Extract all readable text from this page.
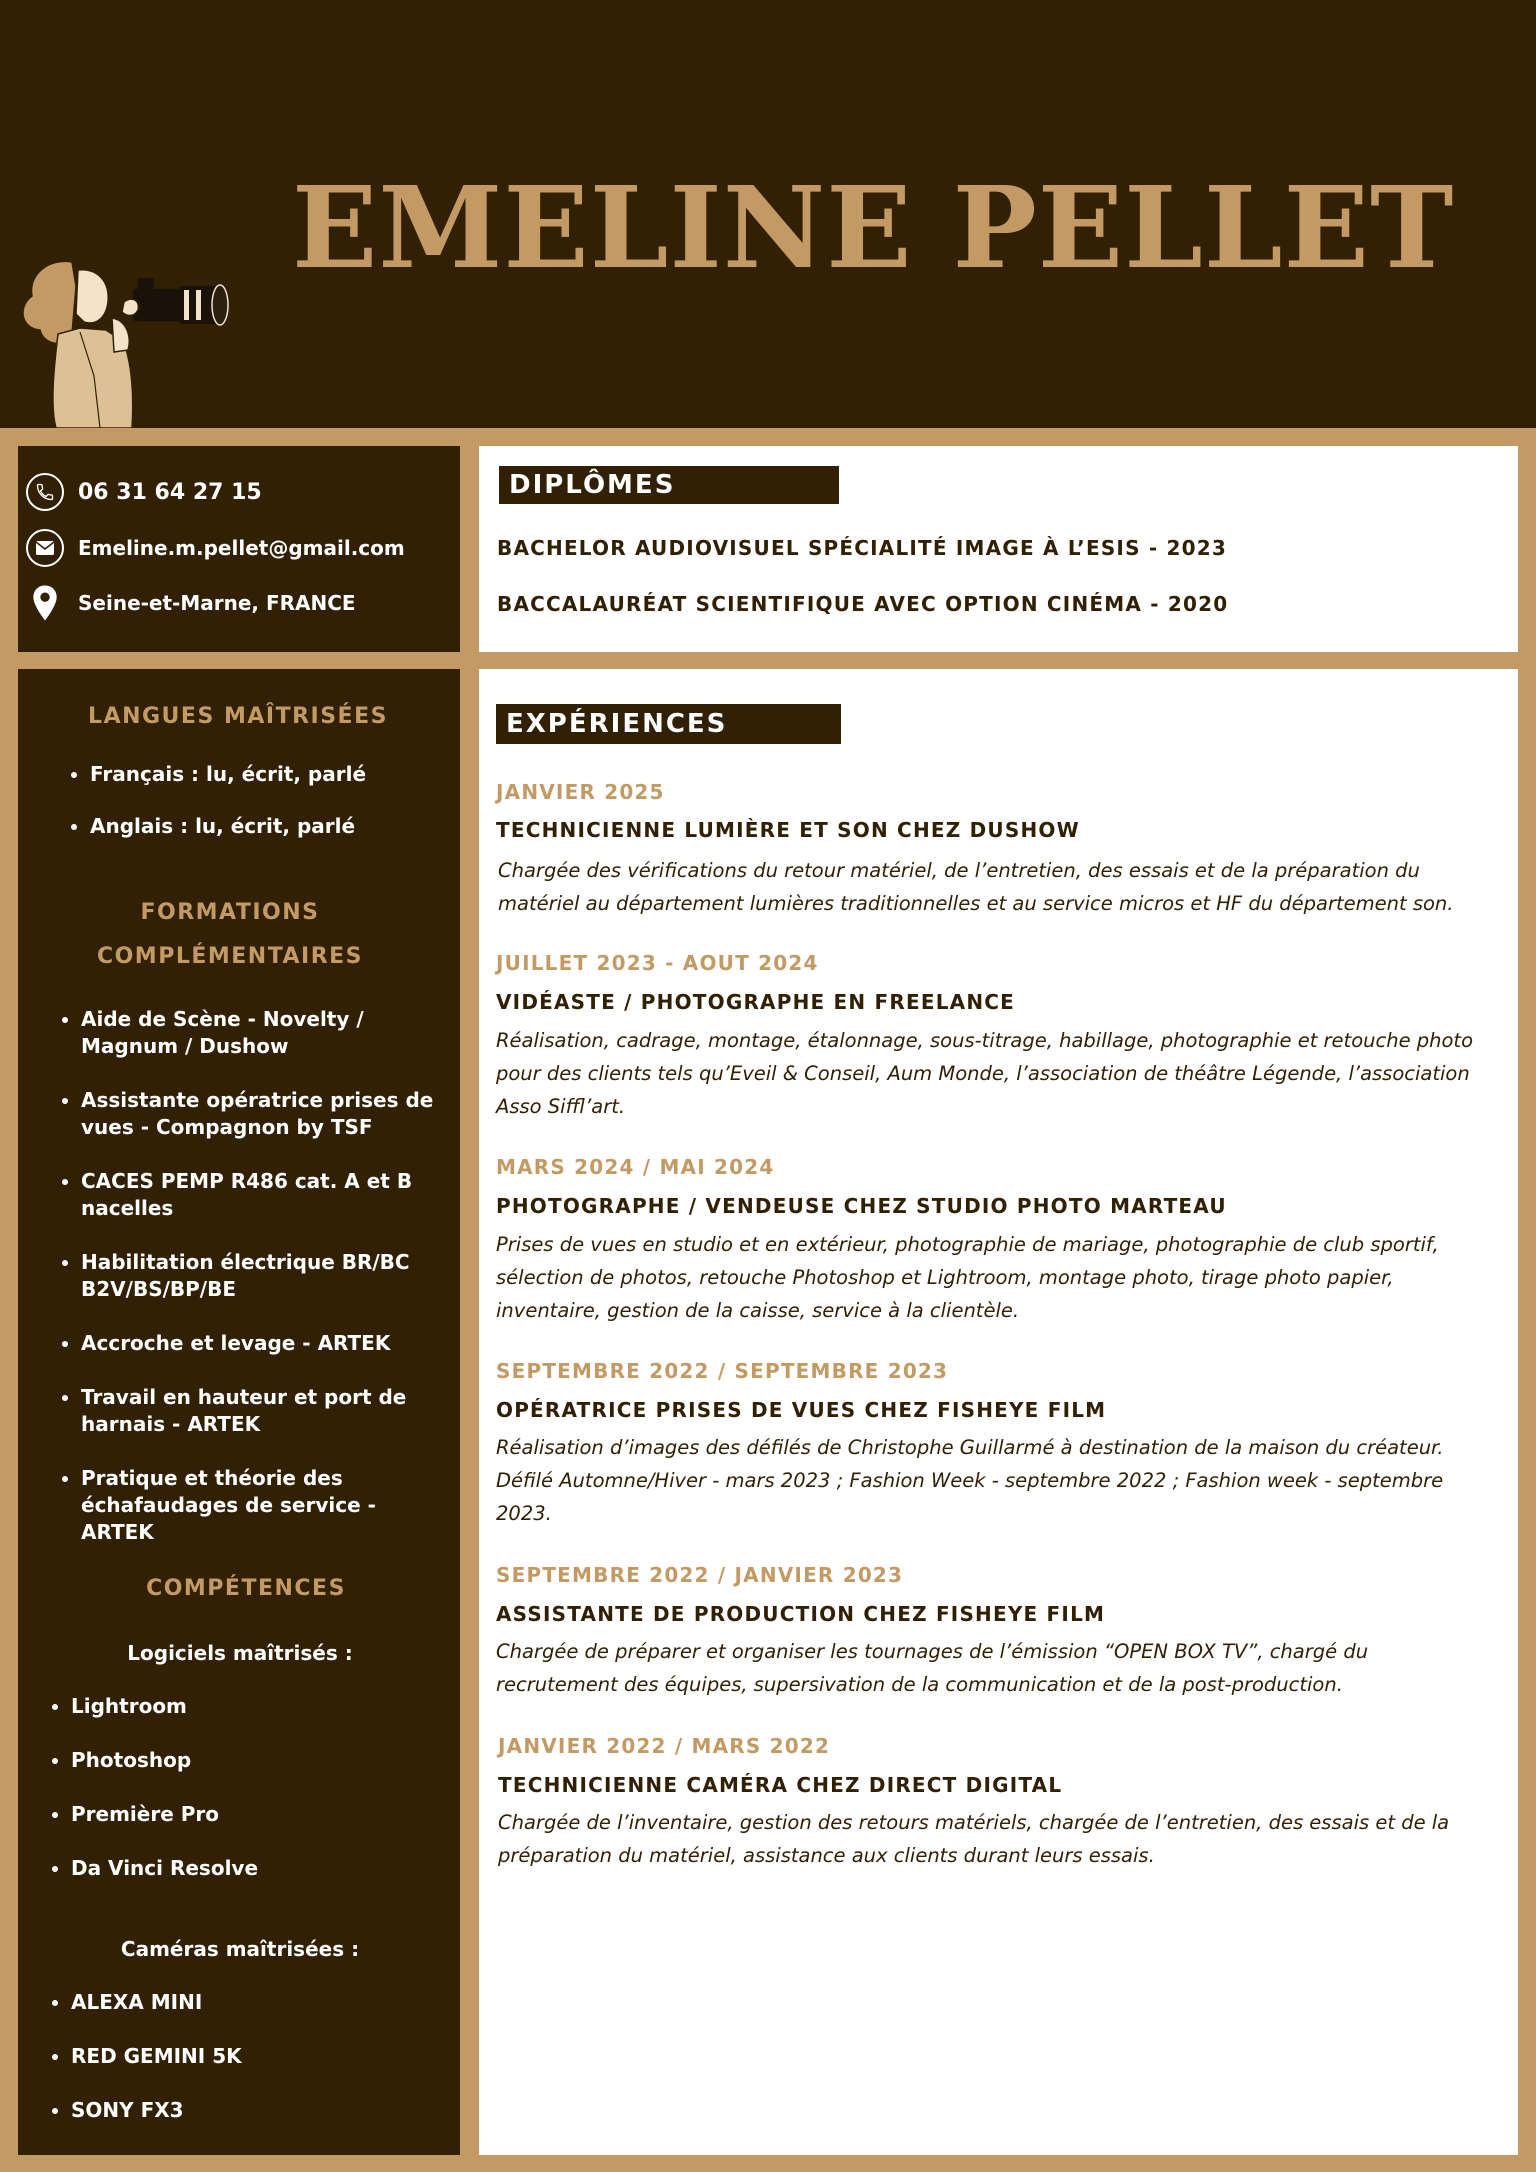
EMELINE PELLET
06 31 64 27 15
Emeline.m.pellet@gmail.com
Seine-et-Marne, FRANCE
LANGUES MAÎTRISÉES
• Français : lu, écrit, parlé
• Anglais : lu, écrit, parlé
FORMATIONS
COMPLÉMENTAIRES
• Aide de Scène - Novelty / Magnum / Dushow
• Assistante opératrice prises de vues - Compagnon by TSF
• CACES PEMP R486 cat. A et B nacelles
• Habilitation électrique BR/BC B2V/BS/BP/BE
• Accroche et levage - ARTEK
• Travail en hauteur et port de harnais - ARTEK
• Pratique et théorie des échafaudages de service - ARTEK
COMPÉTENCES
Logiciels maîtrisés :
• Lightroom
• Photoshop
• Première Pro
• Da Vinci Resolve
Caméras maîtrisées :
• ALEXA MINI
• RED GEMINI 5K
• SONY FX3
DIPLÔMES
BACHELOR AUDIOVISUEL SPÉCIALITÉ IMAGE À L’ESIS - 2023
BACCALAURÉAT SCIENTIFIQUE AVEC OPTION CINÉMA - 2020
EXPÉRIENCES
JANVIER 2025
TECHNICIENNE LUMIÈRE ET SON CHEZ DUSHOW
Chargée des vérifications du retour matériel, de l’entretien, des essais et de la préparation du matériel au département lumières traditionnelles et au service micros et HF du département son.
JUILLET 2023 - AOUT 2024
VIDÉASTE / PHOTOGRAPHE EN FREELANCE
Réalisation, cadrage, montage, étalonnage, sous-titrage, habillage, photographie et retouche photo pour des clients tels qu’Eveil & Conseil, Aum Monde, l’association de théâtre Légende, l’association Asso Siffl’art.
MARS 2024 / MAI 2024
PHOTOGRAPHE / VENDEUSE CHEZ STUDIO PHOTO MARTEAU
Prises de vues en studio et en extérieur, photographie de mariage, photographie de club sportif, sélection de photos, retouche Photoshop et Lightroom, montage photo, tirage photo papier, inventaire, gestion de la caisse, service à la clientèle.
SEPTEMBRE 2022 / SEPTEMBRE 2023
OPÉRATRICE PRISES DE VUES CHEZ FISHEYE FILM
Réalisation d’images des défilés de Christophe Guillarmé à destination de la maison du créateur. Défilé Automne/Hiver - mars 2023 ; Fashion Week - septembre 2022 ; Fashion week - septembre 2023.
SEPTEMBRE 2022 / JANVIER 2023
ASSISTANTE DE PRODUCTION CHEZ FISHEYE FILM
Chargée de préparer et organiser les tournages de l’émission “OPEN BOX TV”, chargé du recrutement des équipes, supersivation de la communication et de la post-production.
JANVIER 2022 / MARS 2022
TECHNICIENNE CAMÉRA CHEZ DIRECT DIGITAL
Chargée de l’inventaire, gestion des retours matériels, chargée de l’entretien, des essais et de la préparation du matériel, assistance aux clients durant leurs essais.
